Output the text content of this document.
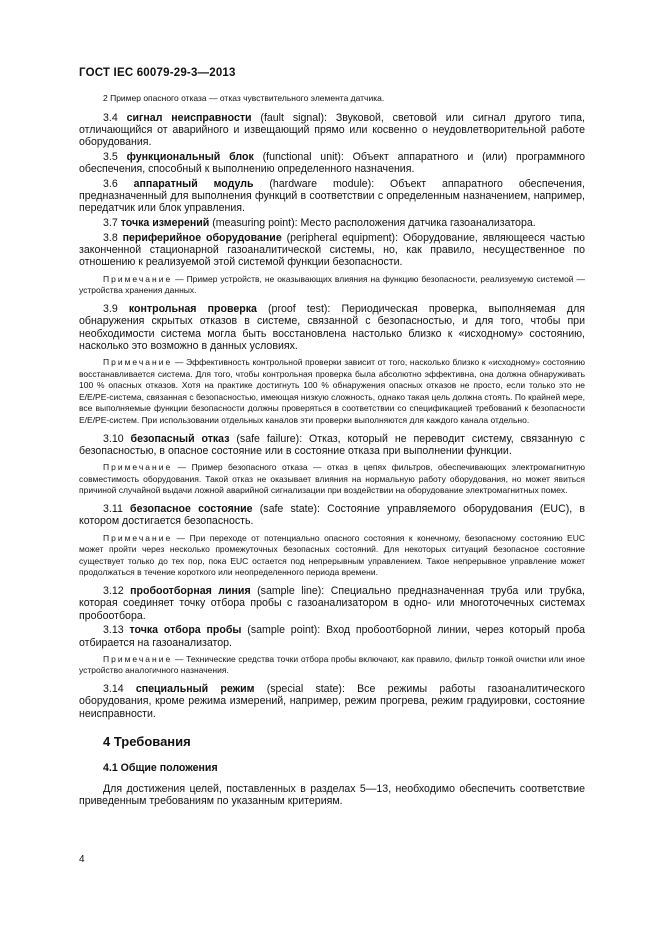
ГОСТ IEC 60079-29-3—2013

2 Пример опасного отказа — отказ чувствительного элемента датчика.

3.4 сигнал неисправности (fault signal): Звуковой, световой или сигнал другого типа, отличающийся от аварийного и извещающий прямо или косвенно о неудовлетворительной работе оборудования.

3.5 функциональный блок (functional unit): Объект аппаратного и (или) программного обеспечения, способный к выполнению определенного назначения.

3.6 аппаратный модуль (hardware module): Объект аппаратного обеспечения, предназначенный для выполнения функций в соответствии с определенным назначением, например, передатчик или блок управления.

3.7 точка измерений (measuring point): Место расположения датчика газоанализатора.

3.8 периферийное оборудование (peripheral equipment): Оборудование, являющееся частью законченной стационарной газоаналитической системы, но, как правило, несущественное по отношению к реализуемой этой системой функции безопасности.

Примечание — Пример устройств, не оказывающих влияния на функцию безопасности, реализуемую системой — устройства хранения данных.

3.9 контрольная проверка (proof test): Периодическая проверка, выполняемая для обнаружения скрытых отказов в системе, связанной с безопасностью, и для того, чтобы при необходимости система могла быть восстановлена настолько близко к «исходному» состоянию, насколько это возможно в данных условиях.

Примечание — Эффективность контрольной проверки зависит от того, насколько близко к «исходному» состоянию восстанавливается система. Для того, чтобы контрольная проверка была абсолютно эффективна, она должна обнаруживать 100 % опасных отказов. Хотя на практике достигнуть 100 % обнаружения опасных отказов не просто, если только это не E/E/PE-система, связанная с безопасностью, имеющая низкую сложность, однако такая цель должна стоять. По крайней мере, все выполняемые функции безопасности должны проверяться в соответствии со спецификацией требований к безопасности E/E/PE-систем. При использовании отдельных каналов эти проверки выполняются для каждого канала отдельно.

3.10 безопасный отказ (safe failure): Отказ, который не переводит систему, связанную с безопасностью, в опасное состояние или в состояние отказа при выполнении функции.

Примечание — Пример безопасного отказа — отказ в цепях фильтров, обеспечивающих электромагнитную совместимость оборудования. Такой отказ не оказывает влияния на нормальную работу оборудования, но может явиться причиной случайной выдачи ложной аварийной сигнализации при воздействии на оборудование электромагнитных помех.

3.11 безопасное состояние (safe state): Состояние управляемого оборудования (EUC), в котором достигается безопасность.

Примечание — При переходе от потенциально опасного состояния к конечному, безопасному состоянию EUC может пройти через несколько промежуточных безопасных состояний. Для некоторых ситуаций безопасное состояние существует только до тех пор, пока EUC остается под непрерывным управлением. Такое непрерывное управление может продолжаться в течение короткого или неопределенного периода времени.

3.12 пробоотборная линия (sample line): Специально предназначенная труба или трубка, которая соединяет точку отбора пробы с газоанализатором в одно- или многоточечных системах пробоотбора.

3.13 точка отбора пробы (sample point): Вход пробоотборной линии, через который проба отбирается на газоанализатор.

Примечание — Технические средства точки отбора пробы включают, как правило, фильтр тонкой очистки или иное устройство аналогичного назначения.

3.14 специальный режим (special state): Все режимы работы газоаналитического оборудования, кроме режима измерений, например, режим прогрева, режим градуировки, состояние неисправности.

4 Требования

4.1 Общие положения

Для достижения целей, поставленных в разделах 5—13, необходимо обеспечить соответствие приведенным требованиям по указанным критериям.

4
